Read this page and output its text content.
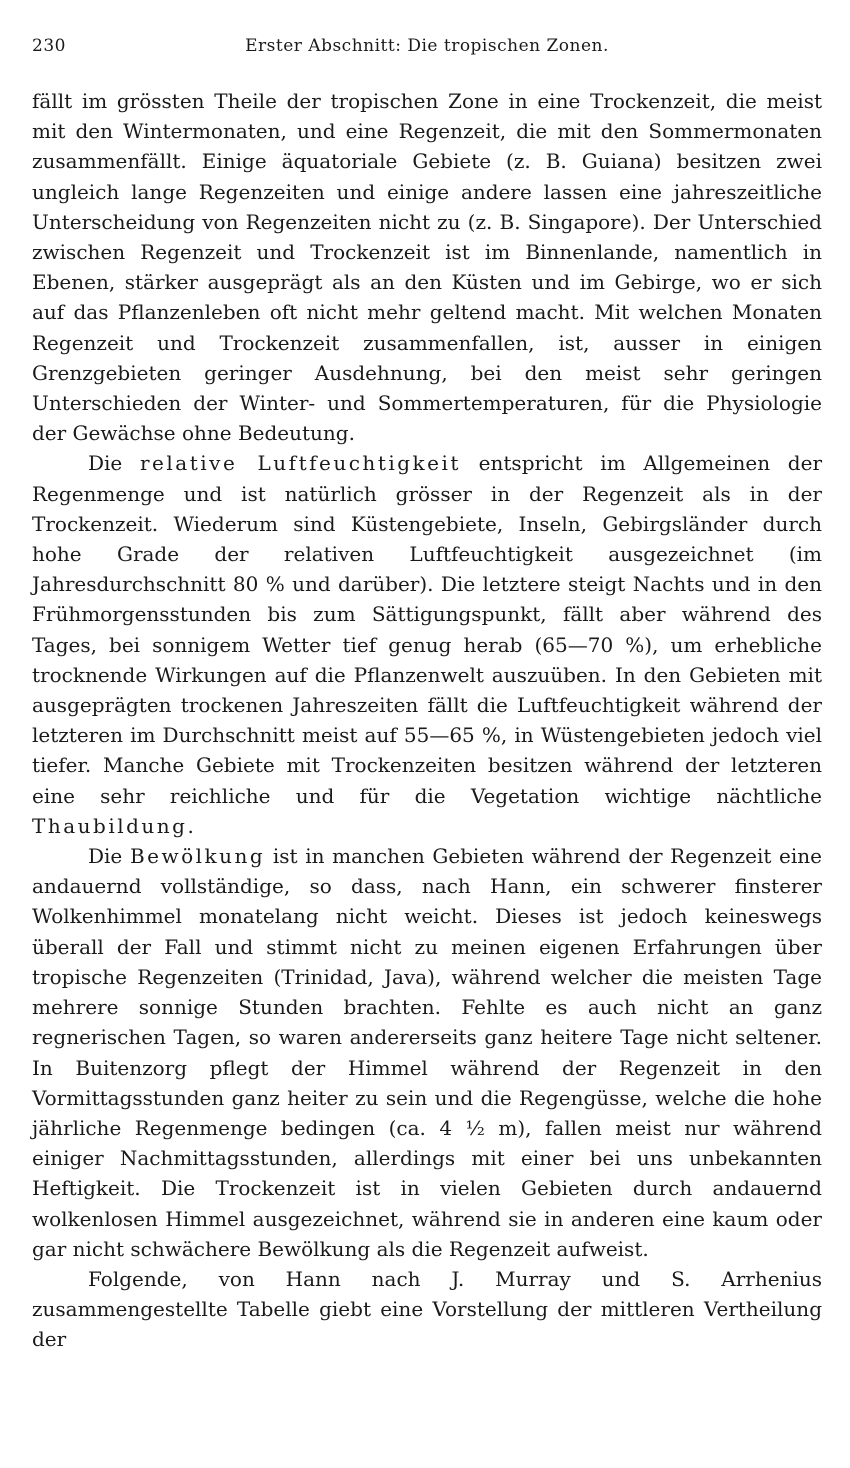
230	Erster Abschnitt: Die tropischen Zonen.

fällt im grössten Theile der tropischen Zone in eine Trockenzeit, die meist mit den Wintermonaten, und eine Regenzeit, die mit den Sommermonaten zusammenfällt. Einige äquatoriale Gebiete (z. B. Guiana) besitzen zwei ungleich lange Regenzeiten und einige andere lassen eine jahreszeitliche Unterscheidung von Regenzeiten nicht zu (z. B. Singapore). Der Unterschied zwischen Regenzeit und Trockenzeit ist im Binnenlande, namentlich in Ebenen, stärker ausgeprägt als an den Küsten und im Gebirge, wo er sich auf das Pflanzenleben oft nicht mehr geltend macht. Mit welchen Monaten Regenzeit und Trockenzeit zusammenfallen, ist, ausser in einigen Grenzgebieten geringer Ausdehnung, bei den meist sehr geringen Unterschieden der Winter- und Sommertemperaturen, für die Physiologie der Gewächse ohne Bedeutung.

Die relative Luftfeuchtigkeit entspricht im Allgemeinen der Regenmenge und ist natürlich grösser in der Regenzeit als in der Trockenzeit. Wiederum sind Küstengebiete, Inseln, Gebirgsländer durch hohe Grade der relativen Luftfeuchtigkeit ausgezeichnet (im Jahresdurchschnitt 80 % und darüber). Die letztere steigt Nachts und in den Frühmorgensstunden bis zum Sättigungspunkt, fällt aber während des Tages, bei sonnigem Wetter tief genug herab (65—70 %), um erhebliche trocknende Wirkungen auf die Pflanzenwelt auszuüben. In den Gebieten mit ausgeprägten trockenen Jahreszeiten fällt die Luftfeuchtigkeit während der letzteren im Durchschnitt meist auf 55—65 %, in Wüstengebieten jedoch viel tiefer. Manche Gebiete mit Trockenzeiten besitzen während der letzteren eine sehr reichliche und für die Vegetation wichtige nächtliche Thaubildung.

Die Bewölkung ist in manchen Gebieten während der Regenzeit eine andauernd vollständige, so dass, nach Hann, ein schwerer finsterer Wolkenhimmel monatelang nicht weicht. Dieses ist jedoch keineswegs überall der Fall und stimmt nicht zu meinen eigenen Erfahrungen über tropische Regenzeiten (Trinidad, Java), während welcher die meisten Tage mehrere sonnige Stunden brachten. Fehlte es auch nicht an ganz regnerischen Tagen, so waren andererseits ganz heitere Tage nicht seltener. In Buitenzorg pflegt der Himmel während der Regenzeit in den Vormittagsstunden ganz heiter zu sein und die Regengüsse, welche die hohe jährliche Regenmenge bedingen (ca. 4 ½ m), fallen meist nur während einiger Nachmittagsstunden, allerdings mit einer bei uns unbekannten Heftigkeit. Die Trockenzeit ist in vielen Gebieten durch andauernd wolkenlosen Himmel ausgezeichnet, während sie in anderen eine kaum oder gar nicht schwächere Bewölkung als die Regenzeit aufweist.

Folgende, von Hann nach J. Murray und S. Arrhenius zusammengestellte Tabelle giebt eine Vorstellung der mittleren Vertheilung der
